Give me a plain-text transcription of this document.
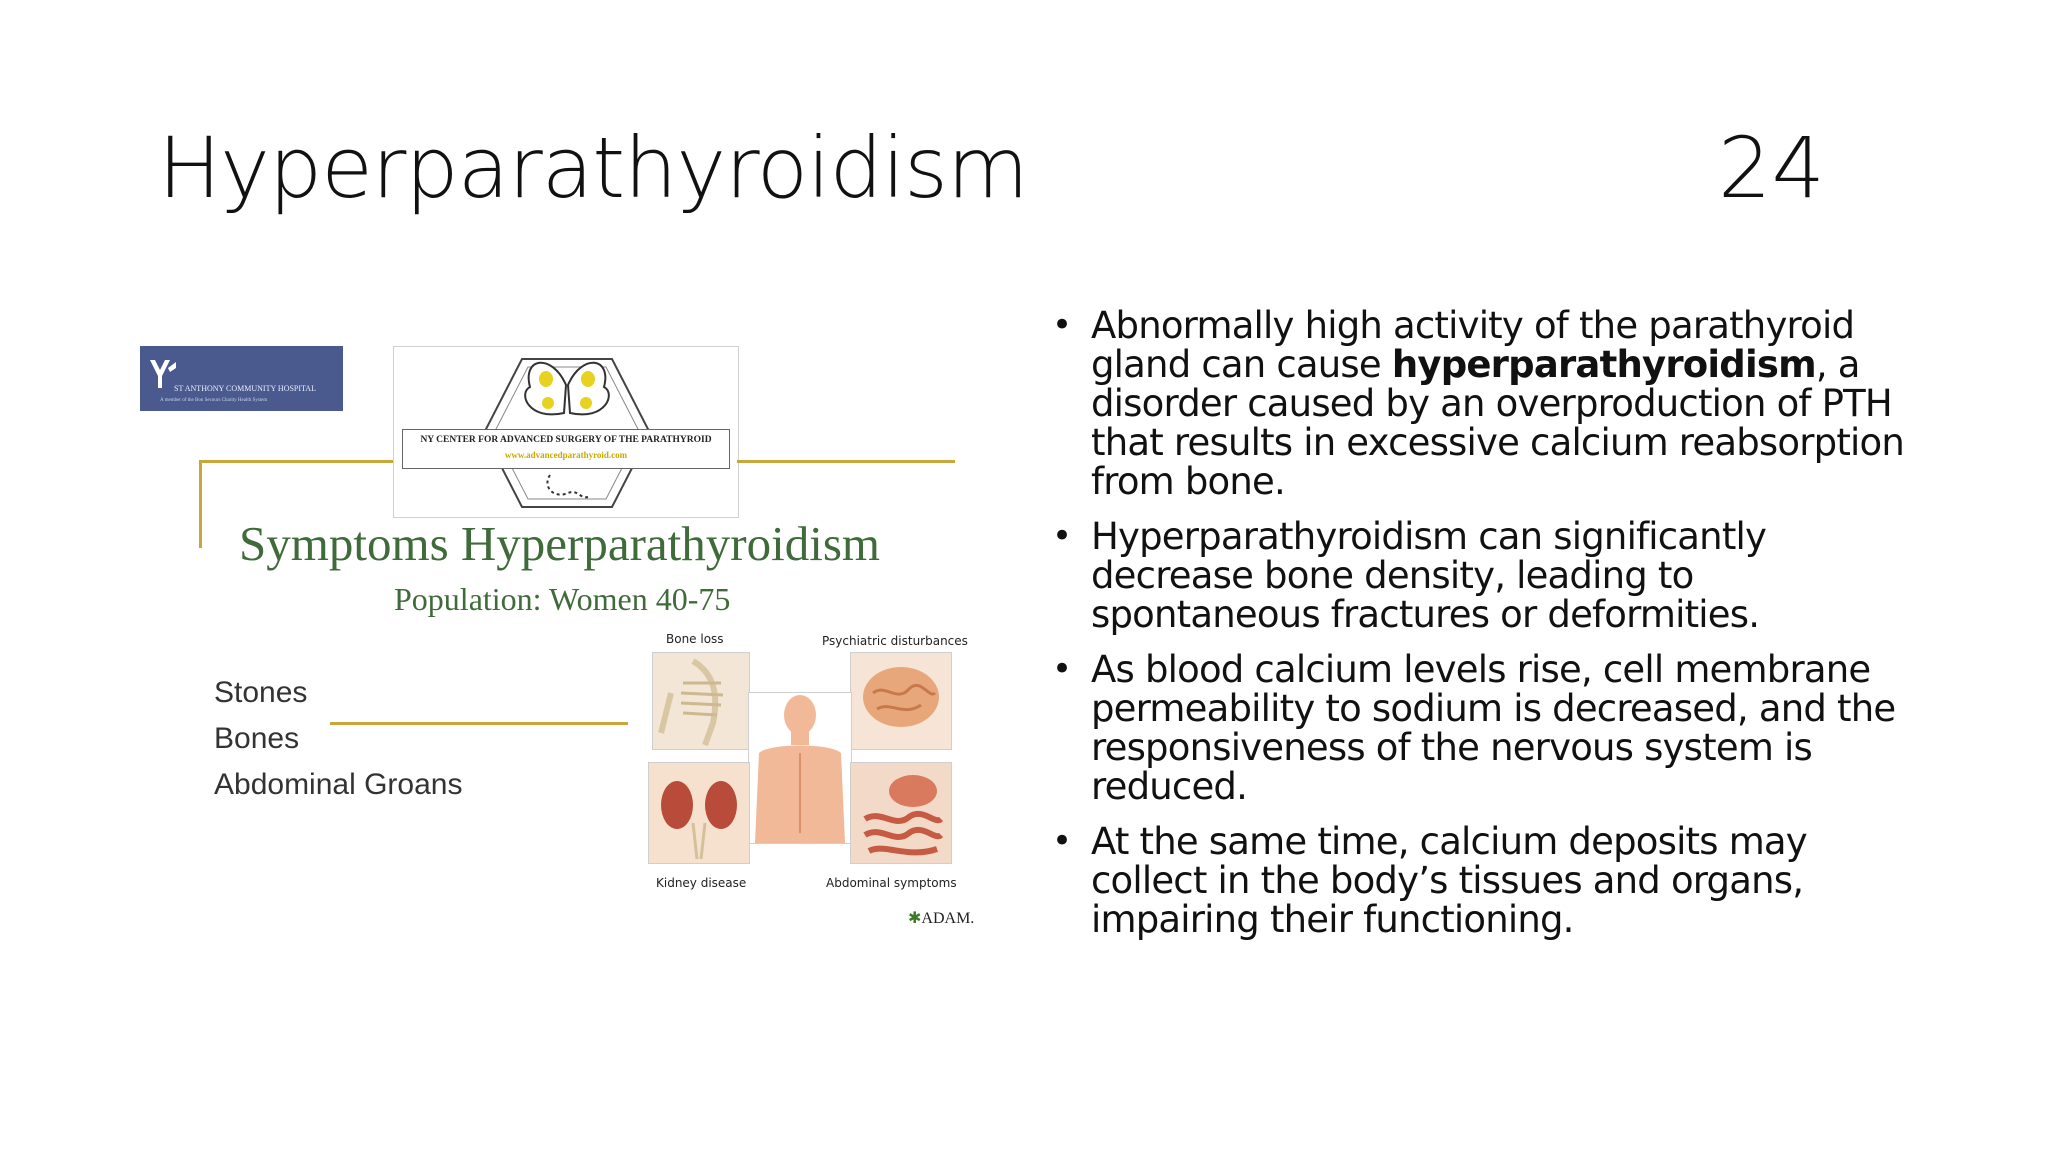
Hyperparathyroidism	24
ST ANTHONY COMMUNITY HOSPITAL
A member of the Bon Secours Charity Health System
NY CENTER FOR ADVANCED SURGERY OF THE PARATHYROID
www.advancedparathyroid.com
Symptoms Hyperparathyroidism
Population: Women 40-75
Stones
Bones
Abdominal Groans
Bone loss	Psychiatric disturbances
Kidney disease	Abdominal symptoms
✱ADAM.
• Abnormally high activity of the parathyroid gland can cause hyperparathyroidism, a disorder caused by an overproduction of PTH that results in excessive calcium reabsorption from bone.
• Hyperparathyroidism can significantly decrease bone density, leading to spontaneous fractures or deformities.
• As blood calcium levels rise, cell membrane permeability to sodium is decreased, and the responsiveness of the nervous system is reduced.
• At the same time, calcium deposits may collect in the body’s tissues and organs, impairing their functioning.
